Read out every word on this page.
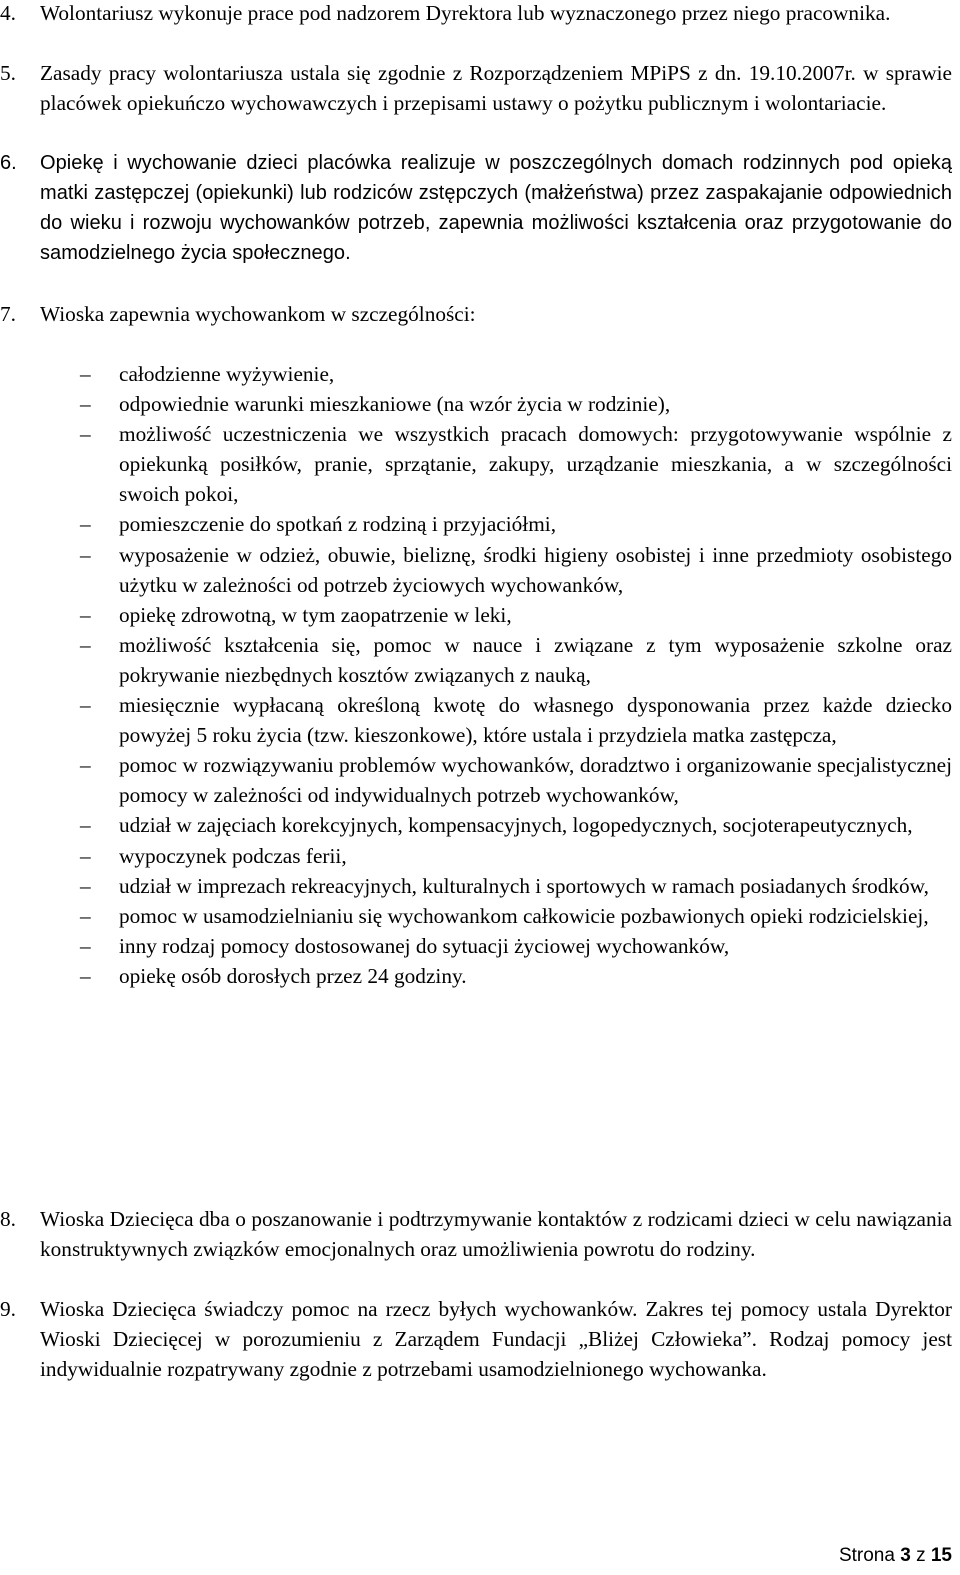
4. Wolontariusz wykonuje prace pod nadzorem Dyrektora lub wyznaczonego przez niego pracownika.
5. Zasady pracy wolontariusza ustala się zgodnie z Rozporządzeniem MPiPS z dn. 19.10.2007r. w sprawie placówek opiekuńczo wychowawczych i przepisami ustawy o pożytku publicznym i wolontariacie.
6. Opiekę i wychowanie dzieci placówka realizuje w poszczególnych domach rodzinnych pod opieką matki zastępczej (opiekunki) lub rodziców zstępczych (małżeństwa) przez zaspakajanie odpowiednich do wieku i rozwoju wychowanków potrzeb, zapewnia możliwości kształcenia oraz przygotowanie do samodzielnego życia społecznego.
7. Wioska zapewnia wychowankom w szczególności:
– całodzienne wyżywienie,
– odpowiednie warunki mieszkaniowe (na wzór życia w rodzinie),
– możliwość uczestniczenia we wszystkich pracach domowych: przygotowywanie wspólnie z opiekunką posiłków, pranie, sprzątanie, zakupy, urządzanie mieszkania, a w szczególności swoich pokoi,
– pomieszczenie do spotkań z rodziną i przyjaciółmi,
– wyposażenie w odzież, obuwie, bieliznę, środki higieny osobistej i inne przedmioty osobistego użytku w zależności od potrzeb życiowych wychowanków,
– opiekę zdrowotną, w tym zaopatrzenie w leki,
– możliwość kształcenia się, pomoc w nauce i związane z tym wyposażenie szkolne oraz pokrywanie niezbędnych kosztów związanych z nauką,
– miesięcznie wypłacaną określoną kwotę do własnego dysponowania przez każde dziecko powyżej 5 roku życia (tzw. kieszonkowe), które ustala i przydziela matka zastępcza,
– pomoc w rozwiązywaniu problemów wychowanków, doradztwo i organizowanie specjalistycznej pomocy w zależności od indywidualnych potrzeb wychowanków,
– udział w zajęciach korekcyjnych, kompensacyjnych, logopedycznych, socjoterapeutycznych,
– wypoczynek podczas ferii,
– udział w imprezach rekreacyjnych, kulturalnych i sportowych w ramach posiadanych środków,
– pomoc w usamodzielnianiu się wychowankom całkowicie pozbawionych opieki rodzicielskiej,
– inny rodzaj pomocy dostosowanej do sytuacji życiowej wychowanków,
– opiekę osób dorosłych przez 24 godziny.
8. Wioska Dziecięca dba o poszanowanie i podtrzymywanie kontaktów z rodzicami dzieci w celu nawiązania konstruktywnych związków emocjonalnych oraz umożliwienia powrotu do rodziny.
9. Wioska Dziecięca świadczy pomoc na rzecz byłych wychowanków. Zakres tej pomocy ustala Dyrektor Wioski Dziecięcej w porozumieniu z Zarządem Fundacji „Bliżej Człowieka”. Rodzaj pomocy jest indywidualnie rozpatrywany zgodnie z potrzebami usamodzielnionego wychowanka.
Strona 3 z 15
